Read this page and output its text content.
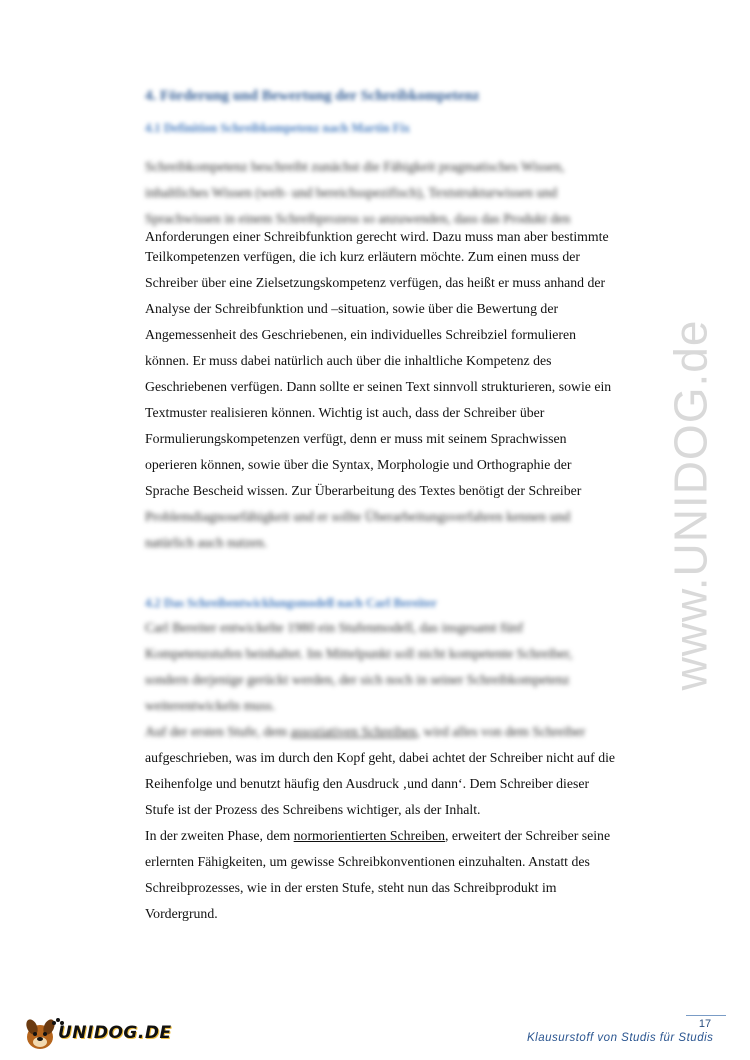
www.UNIDOG.de
4. Förderung und Bewertung der Schreibkompetenz
4.1 Definition Schreibkompetenz nach Martin Fix
Schreibkompetenz beschreibt zunächst die Fähigkeit pragmatisches Wissen,
inhaltliches Wissen (welt- und bereichsspezifisch), Textstrukturwissen und
Sprachwissen in einem Schreibprozess so anzuwenden, dass das Produkt den
Anforderungen einer Schreibfunktion gerecht wird. Dazu muss man aber bestimmte
Teilkompetenzen verfügen, die ich kurz erläutern möchte. Zum einen muss der
Schreiber über eine Zielsetzungskompetenz verfügen, das heißt er muss anhand der
Analyse der Schreibfunktion und –situation, sowie über die Bewertung der
Angemessenheit des Geschriebenen, ein individuelles Schreibziel formulieren
können. Er muss dabei natürlich auch über die inhaltliche Kompetenz des
Geschriebenen verfügen. Dann sollte er seinen Text sinnvoll strukturieren, sowie ein
Textmuster realisieren können. Wichtig ist auch, dass der Schreiber über
Formulierungskompetenzen verfügt, denn er muss mit seinem Sprachwissen
operieren können, sowie über die Syntax, Morphologie und Orthographie der
Sprache Bescheid wissen. Zur Überarbeitung des Textes benötigt der Schreiber
Problemdiagnosefähigkeit und er sollte Überarbeitungsverfahren kennen und
natürlich auch nutzen.
4.2 Das Schreibentwicklungsmodell nach Carl Bereiter
Carl Bereiter entwickelte 1980 ein Stufenmodell, das insgesamt fünf
Kompetenzstufen beinhaltet. Im Mittelpunkt soll nicht kompetente Schreiber,
sondern derjenige gerückt werden, der sich noch in seiner Schreibkompetenz
weiterentwickeln muss.
Auf der ersten Stufe, dem assoziativen Schreiben, wird alles von dem Schreiber
aufgeschrieben, was im durch den Kopf geht, dabei achtet der Schreiber nicht auf die
Reihenfolge und benutzt häufig den Ausdruck ‚und dann‘. Dem Schreiber dieser
Stufe ist der Prozess des Schreibens wichtiger, als der Inhalt.
In der zweiten Phase, dem normorientierten Schreiben, erweitert der Schreiber seine
erlernten Fähigkeiten, um gewisse Schreibkonventionen einzuhalten. Anstatt des
Schreibprozesses, wie in der ersten Stufe, steht nun das Schreibprodukt im
Vordergrund.
UNIDOG.DE	17
Klausurstoff von Studis für Studis
